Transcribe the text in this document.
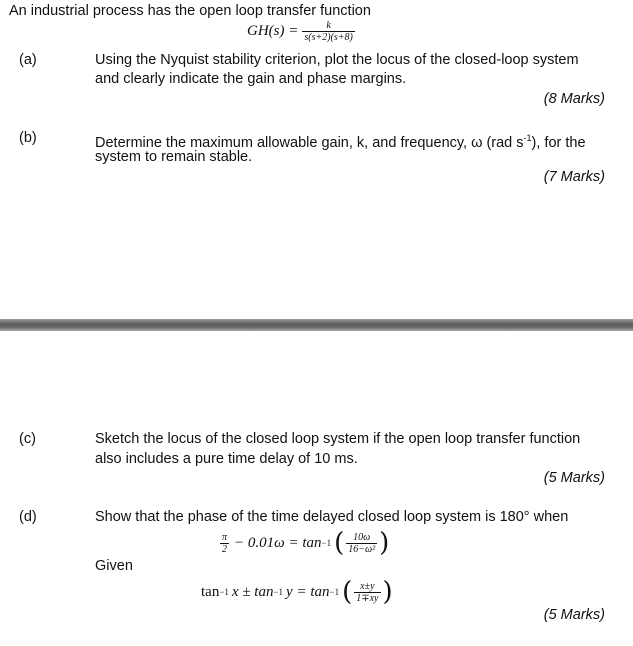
An industrial process has the open loop transfer function
$GH(s) = \frac{k}{s(s+2)(s+8)}$
(a)	Using the Nyquist stability criterion, plot the locus of the closed-loop system
and clearly indicate the gain and phase margins.
(8 Marks)
(b)	Determine the maximum allowable gain, k, and frequency, ω (rad $s^{-1}$), for the
system to remain stable.
(7 Marks)
(c)	Sketch the locus of the closed loop system if the open loop transfer function
also includes a pure time delay of 10 ms.
(5 Marks)
(d)	Show that the phase of the time delayed closed loop system is 180° when
$\frac{\pi}{2} - 0.01\omega = \tan -1$ ( $\frac{10\omega}{\text{16−ω²}}$ )
Given
tan −1 x ± tan −1 y = tan −1 ( $\frac{x\pm y}{1\mp xy}$ )
(5 Marks)
